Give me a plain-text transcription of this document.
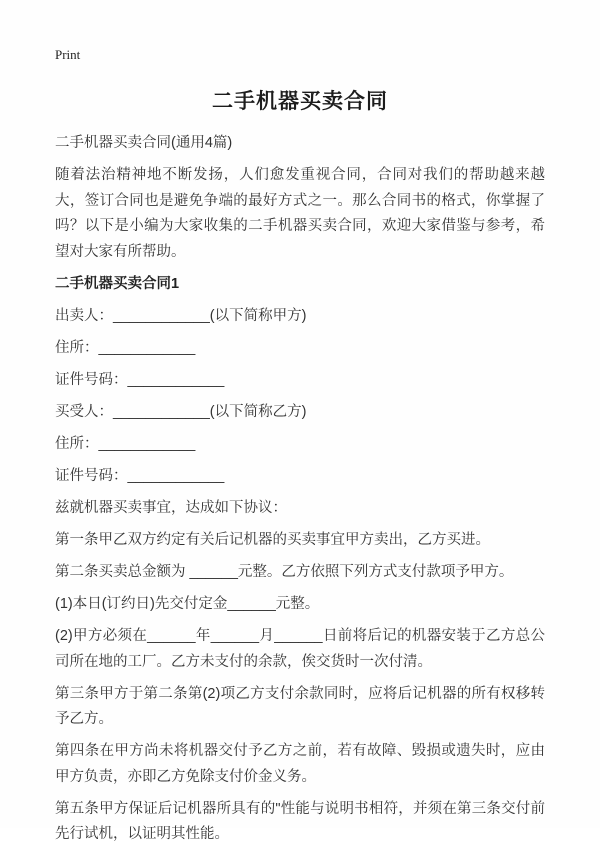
Print
二手机器买卖合同

二手机器买卖合同(通用4篇)

随着法治精神地不断发扬，人们愈发重视合同，合同对我们的帮助越来越大，签订合同也是避免争端的最好方式之一。那么合同书的格式，你掌握了吗？以下是小编为大家收集的二手机器买卖合同，欢迎大家借鉴与参考，希望对大家有所帮助。

二手机器买卖合同1

出卖人：____________(以下简称甲方)

住所：____________

证件号码：____________

买受人：____________(以下简称乙方)

住所：____________

证件号码：____________

兹就机器买卖事宜，达成如下协议：

第一条甲乙双方约定有关后记机器的买卖事宜甲方卖出，乙方买进。

第二条买卖总金额为 ______元整。乙方依照下列方式支付款项予甲方。

(1)本日(订约日)先交付定金______元整。

(2)甲方必须在______年______月______日前将后记的机器安装于乙方总公司所在地的工厂。乙方未支付的余款，俟交货时一次付清。

第三条甲方于第二条第(2)项乙方支付余款同时，应将后记机器的所有权移转予乙方。

第四条在甲方尚未将机器交付予乙方之前，若有故障、毁损或遗失时，应由甲方负责，亦即乙方免除支付价金义务。

第五条甲方保证后记机器所具有的"性能与说明书相符，并须在第三条交付前先行试机，以证明其性能。
